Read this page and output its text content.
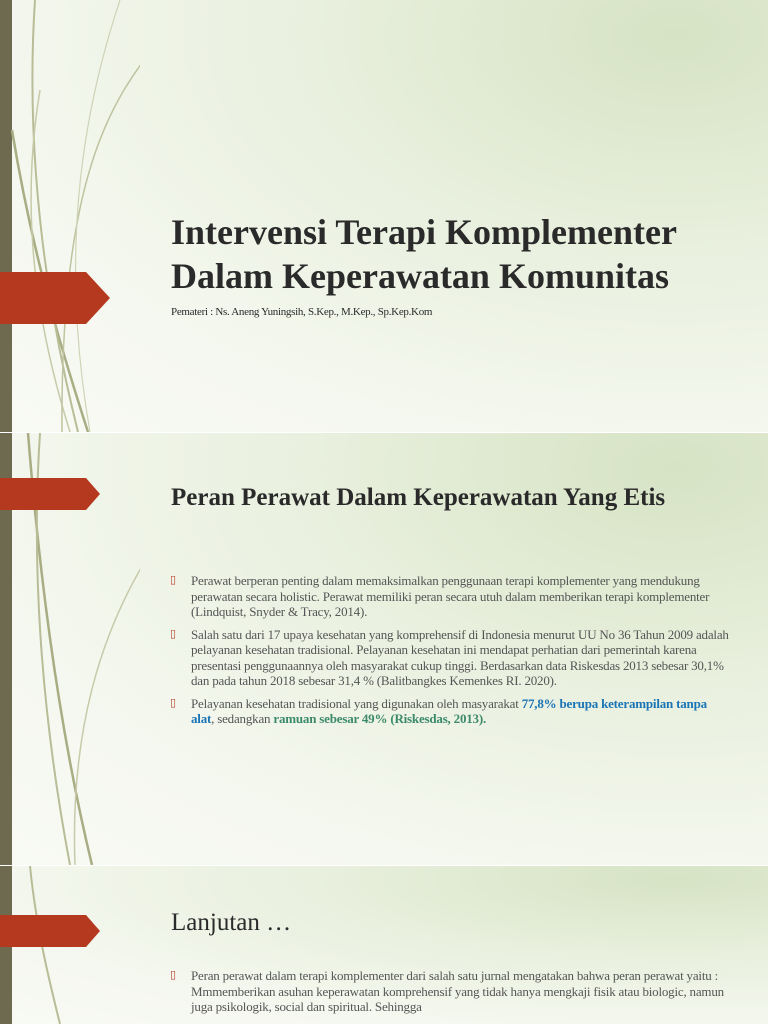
Intervensi Terapi Komplementer Dalam Keperawatan Komunitas

Pemateri : Ns. Aneng Yuningsih, S.Kep., M.Kep., Sp.Kep.Kom

Peran Perawat Dalam Keperawatan Yang Etis
▯ Perawat berperan penting dalam memaksimalkan penggunaan terapi komplementer yang mendukung perawatan secara holistic. Perawat memiliki peran secara utuh dalam memberikan terapi komplementer (Lindquist, Snyder & Tracy, 2014).
▯ Salah satu dari 17 upaya kesehatan yang komprehensif di Indonesia menurut UU No 36 Tahun 2009 adalah pelayanan kesehatan tradisional. Pelayanan kesehatan ini mendapat perhatian dari pemerintah karena presentasi penggunaannya oleh masyarakat cukup tinggi. Berdasarkan data Riskesdas 2013 sebesar 30,1% dan pada tahun 2018 sebesar 31,4 % (Balitbangkes Kemenkes RI. 2020).
▯ Pelayanan kesehatan tradisional yang digunakan oleh masyarakat 77,8% berupa keterampilan tanpa alat, sedangkan ramuan sebesar 49% (Riskesdas, 2013).
Lanjutan …
▯ Peran perawat dalam terapi komplementer dari salah satu jurnal mengatakan bahwa peran perawat yaitu : Mmmemberikan asuhan keperawatan komprehensif yang tidak hanya mengkaji fisik atau biologic, namun juga psikologik, social dan spiritual. Sehingga
